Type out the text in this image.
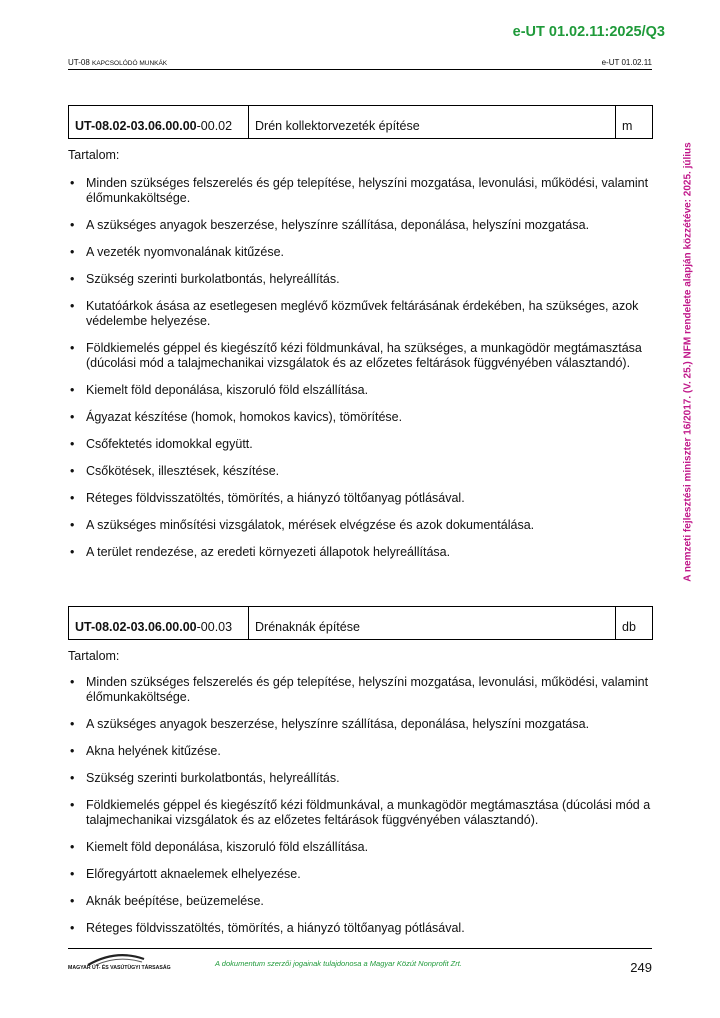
e-UT 01.02.11:2025/Q3
UT-08 KAPCSOLÓDÓ MUNKÁK	e-UT 01.02.11
A nemzeti fejlesztési miniszter 16/2017. (V. 25.) NFM rendelete alapján közzétéve: 2025. július
UT-08.02-03.06.00.00 -00.02	Drén kollektorvezeték építése	m
Tartalom:
• Minden szükséges felszerelés és gép telepítése, helyszíni mozgatása, levonulási, működési, valamint élőmunkaköltsége.
• A szükséges anyagok beszerzése, helyszínre szállítása, deponálása, helyszíni mozgatása.
• A vezeték nyomvonalának kitűzése.
• Szükség szerinti burkolatbontás, helyreállítás.
• Kutatóárkok ásása az esetlegesen meglévő közművek feltárásának érdekében, ha szükséges, azok védelembe helyezése.
• Földkiemelés géppel és kiegészítő kézi földmunkával, ha szükséges, a munkagödör megtámasztása (dúcolási mód a talajmechanikai vizsgálatok és az előzetes feltárások függvényében választandó).
• Kiemelt föld deponálása, kiszoruló föld elszállítása.
• Ágyazat készítése (homok, homokos kavics), tömörítése.
• Csőfektetés idomokkal együtt.
• Csőkötések, illesztések, készítése.
• Réteges földvisszatöltés, tömörítés, a hiányzó töltőanyag pótlásával.
• A szükséges minősítési vizsgálatok, mérések elvégzése és azok dokumentálása.
• A terület rendezése, az eredeti környezeti állapotok helyreállítása.
UT-08.02-03.06.00.00 -00.03	Drénaknák építése	db
Tartalom:
• Minden szükséges felszerelés és gép telepítése, helyszíni mozgatása, levonulási, működési, valamint élőmunkaköltsége.
• A szükséges anyagok beszerzése, helyszínre szállítása, deponálása, helyszíni mozgatása.
• Akna helyének kitűzése.
• Szükség szerinti burkolatbontás, helyreállítás.
• Földkiemelés géppel és kiegészítő kézi földmunkával, a munkagödör megtámasztása (dúcolási mód a talajmechanikai vizsgálatok és az előzetes feltárások függvényében választandó).
• Kiemelt föld deponálása, kiszoruló föld elszállítása.
• Előregyártott aknaelemek elhelyezése.
• Aknák beépítése, beüzemelése.
• Réteges földvisszatöltés, tömörítés, a hiányzó töltőanyag pótlásával.
MAGYAR ÚT- ÉS VASÚTÜGYI TÁRSASÁG	A dokumentum szerzői jogainak tulajdonosa a Magyar Közút Nonprofit Zrt.	249
